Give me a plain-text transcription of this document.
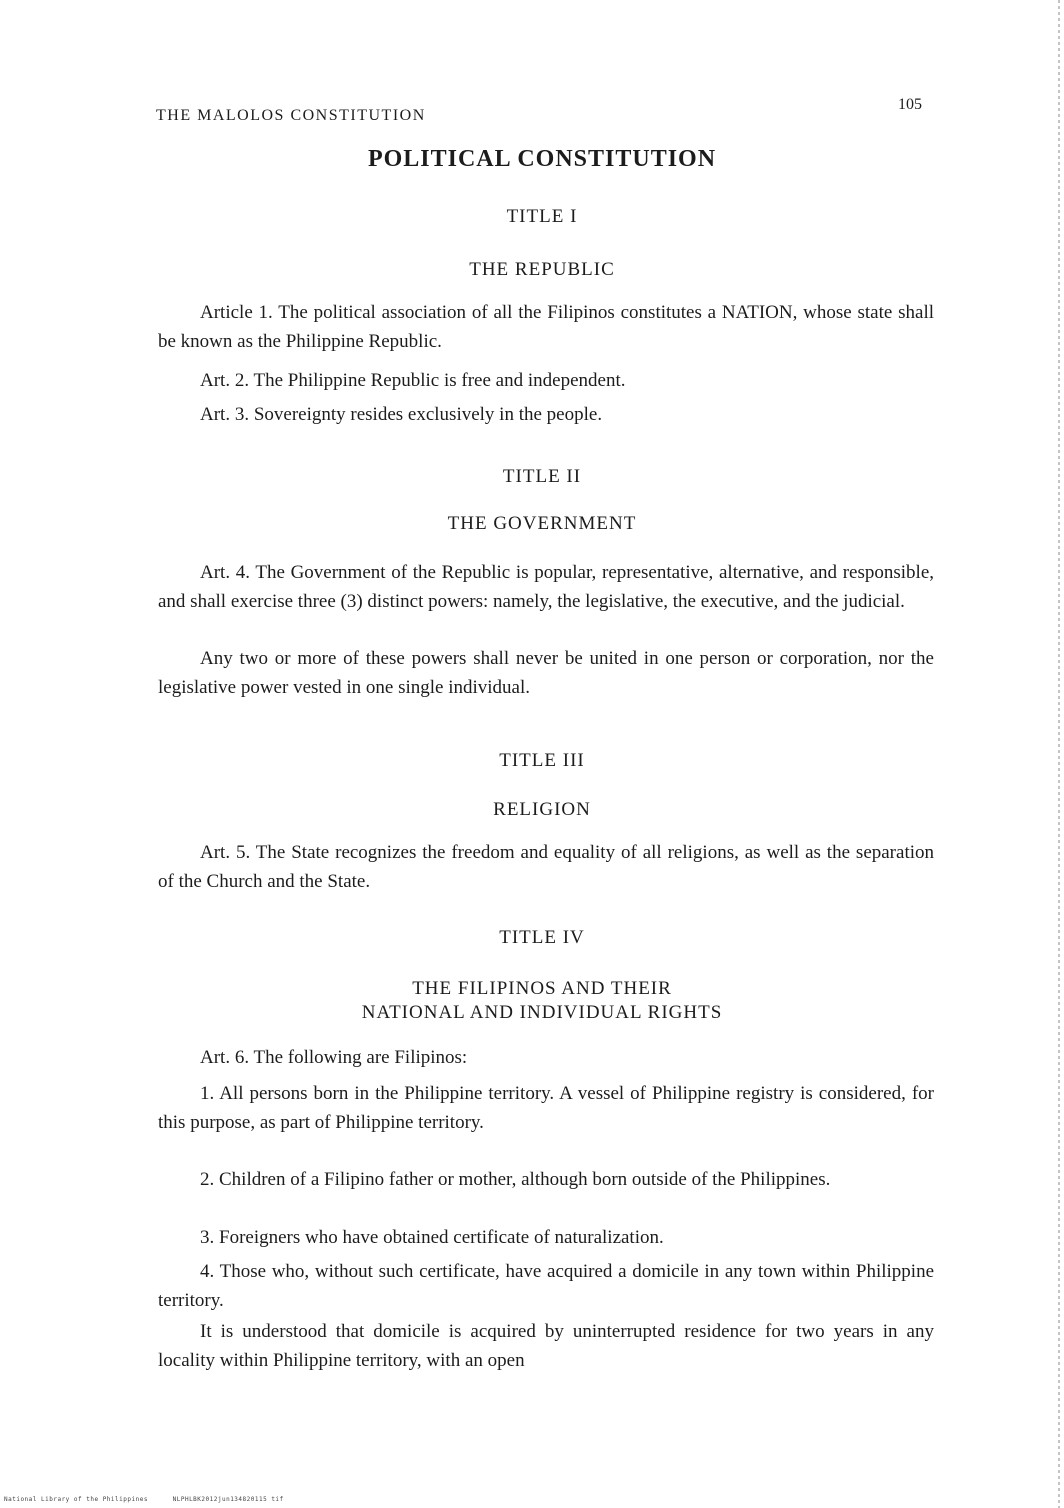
THE MALOLOS CONSTITUTION
105
POLITICAL CONSTITUTION
TITLE I
THE REPUBLIC
Article 1. The political association of all the Filipinos constitutes a NATION, whose state shall be known as the Philippine Republic.
Art. 2. The Philippine Republic is free and independent.
Art. 3. Sovereignty resides exclusively in the people.
TITLE II
THE GOVERNMENT
Art. 4. The Government of the Republic is popular, representative, alternative, and responsible, and shall exercise three (3) distinct powers: namely, the legislative, the executive, and the judicial.
Any two or more of these powers shall never be united in one person or corporation, nor the legislative power vested in one single individual.
TITLE III
RELIGION
Art. 5. The State recognizes the freedom and equality of all religions, as well as the separation of the Church and the State.
TITLE IV
THE FILIPINOS AND THEIR
NATIONAL AND INDIVIDUAL RIGHTS
Art. 6. The following are Filipinos:
1. All persons born in the Philippine territory. A vessel of Philippine registry is considered, for this purpose, as part of Philippine territory.
2. Children of a Filipino father or mother, although born outside of the Philippines.
3. Foreigners who have obtained certificate of naturalization.
4. Those who, without such certificate, have acquired a domicile in any town within Philippine territory.
It is understood that domicile is acquired by uninterrupted residence for two years in any locality within Philippine territory, with an open
National Library of the Philippines	NLPHLBK2012jun134820115 tif
